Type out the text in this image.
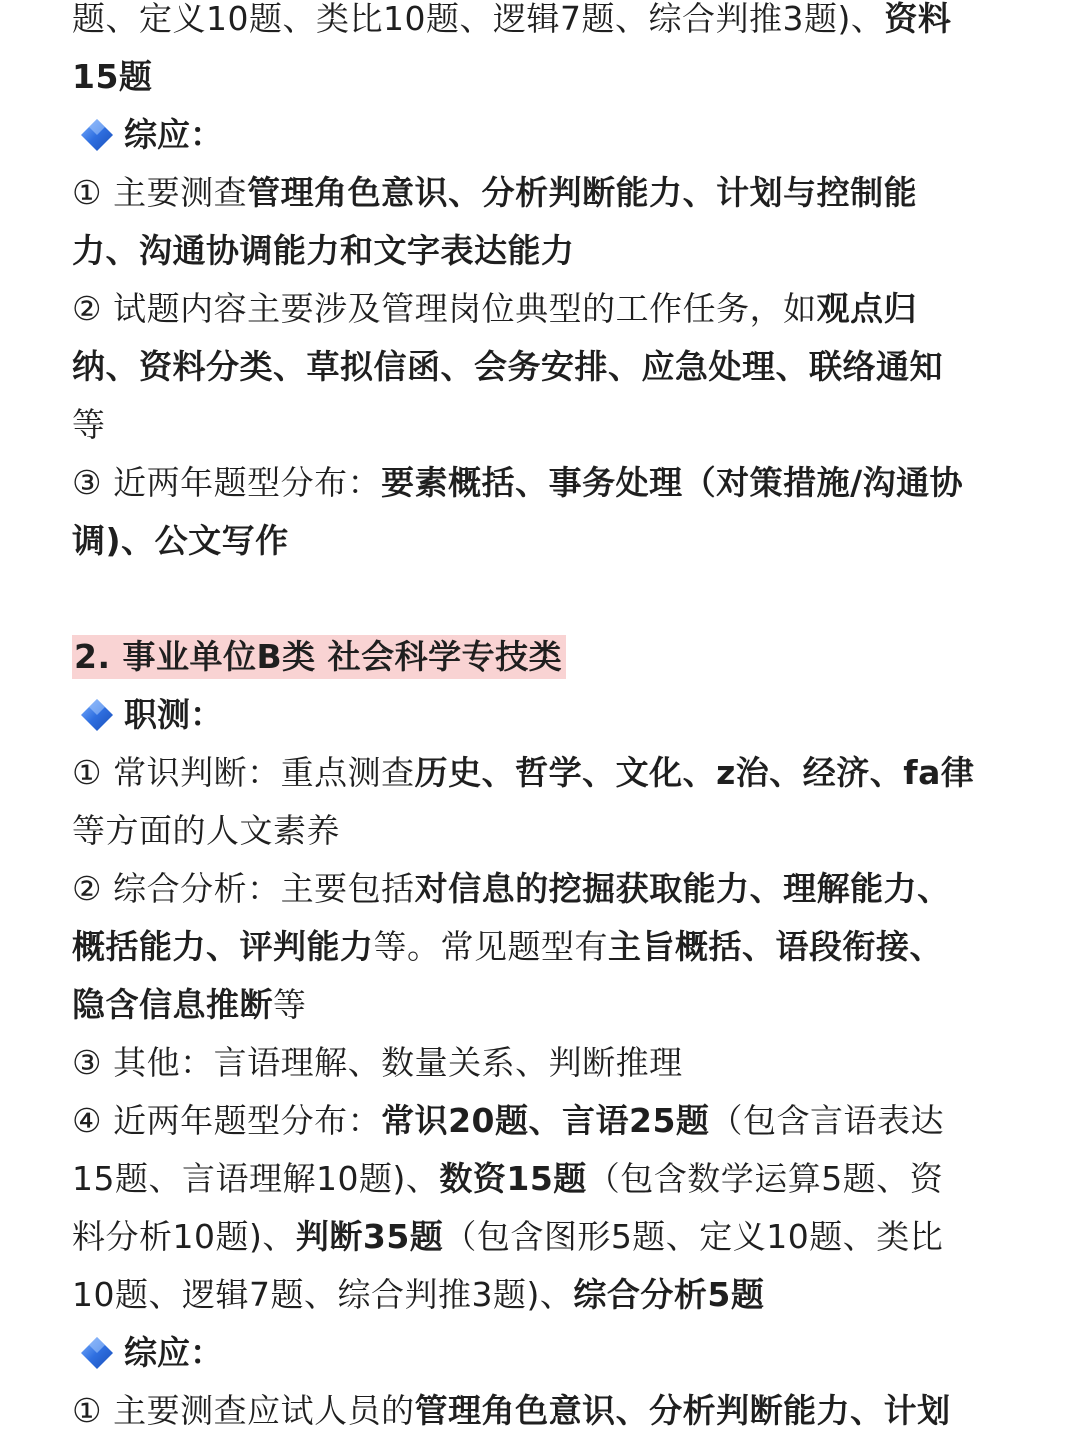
题、定义10题、类比10题、逻辑7题、综合判推3题)、资料
15题
综应：
① 主要测查管理角色意识、分析判断能力、计划与控制能
力、沟通协调能力和文字表达能力
② 试题内容主要涉及管理岗位典型的工作任务，如观点归
纳、资料分类、草拟信函、会务安排、应急处理、联络通知
等
③ 近两年题型分布：要素概括、事务处理（对策措施/沟通协
调)、公文写作
2. 事业单位B类 社会科学专技类
职测：
① 常识判断：重点测查历史、哲学、文化、z治、经济、fa律
等方面的人文素养
② 综合分析：主要包括对信息的挖掘获取能力、理解能力、
概括能力、评判能力等。常见题型有主旨概括、语段衔接、
隐含信息推断等
③ 其他：言语理解、数量关系、判断推理
④ 近两年题型分布：常识20题、言语25题（包含言语表达
15题、言语理解10题)、数资15题（包含数学运算5题、资
料分析10题)、判断35题（包含图形5题、定义10题、类比
10题、逻辑7题、综合判推3题)、综合分析5题
综应：
① 主要测查应试人员的管理角色意识、分析判断能力、计划
